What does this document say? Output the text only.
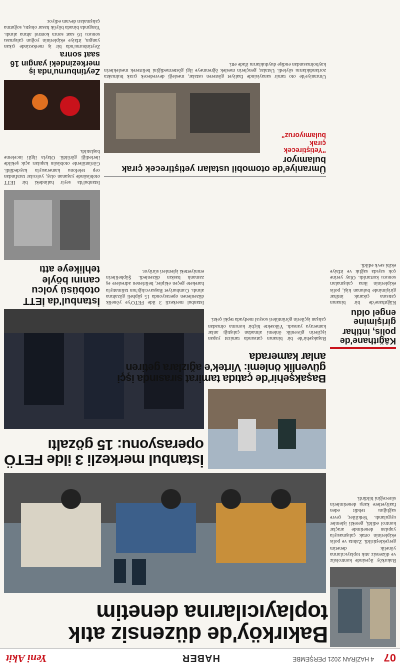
07
4 HAZİRAN 2021 PERŞEMBE
HABER
Yeni Akit
Bakırköy'de düzensiz atık toplayıcılarına denetim
Bakırköy ilçesinde kontrolsüz ve düzensiz atık toplayıcılarına yönelik denetim gerçekleştirildi. Zabıta ve polis ekiplerinin ortak çalışmasıyla yapılan denetimde araçlar kontrol edildi, gerekli işlemler uygulandı. Yetkililer, çevre sağlığını tehdit eden faaliyetlere karşı denetimlerin süreceğini bildirdi.
Kâğıthane'de polis, intihar girişimine engel oldu
Kâğıthane'de bir binanın çatısına çıkarak intihar girişiminde bulunan kişi, polis ekiplerinin ikna çalışmaları sonucu kurtarıldı. Olay yerine çok sayıda sağlık ve itfaiye ekibi sevk edildi.
İstanbul merkezli 3 ilde FETÖ operasyonu: 15 gözaltı
İstanbul merkezli 3 ilde FETÖ'ye yönelik düzenlenen operasyonda 15 şüpheli gözaltına alındı. Cumhuriyet Başsavcılığı'nın talimatıyla harekete geçen ekipler, belirlenen adreslere eş zamanlı baskın düzenledi. Şüphelilerin emniyetteki işlemleri sürüyor.
İstanbul'da İETT otobüsü yolcu canını böyle tehlikeye attı
İstanbul'da seyir halindeki bir İETT otobüsünde yaşanan olay, yolcular tarafından cep telefonu kamerasıyla kaydedildi. Görüntülerde otobüsün kapıları açık şekilde ilerlediği görüldü. Olayla ilgili inceleme başlatıldı.
Başakşehir'de çatıda tamirat sırasında işçi güvenlik önlemi: Virtek'e ağızlara getiren anlar kamerada
Başakşehir'de bir binanın çatısında tamirat yapan işçilerin güvenlik önlemi almadan çalıştığı anlar kameraya yansıdı. Yüksekte hiçbir koruma olmadan çalışan işçilerin görüntüleri sosyal medyada tepki çekti.
Zeytinburnu'nda iş merkezindeki yangın 16 saat sonra
Zeytinburnu'nda bir iş merkezinde çıkan yangın, itfaiye ekiplerinin yoğun çalışması sonucu 16 saat sonra kontrol altına alındı. Yangında binada büyük hasar oluştu, soğutma çalışmaları devam ediyor.
Ümraniye'de otomobil ustaları yetiştirecek çırak bulamıyor
"Yetiştirecek çırak bulamıyoruz"
Ümraniye'de oto tamir sanayisinde faaliyet gösteren ustalar, mesleği devredecek çırak bulmakta zorlandıklarını söyledi. Ustalar, gençlerin meslek öğrenmeye ilgi göstermediğini belirterek mesleklerin kaybolmasından endişe duyduklarını ifade etti.
